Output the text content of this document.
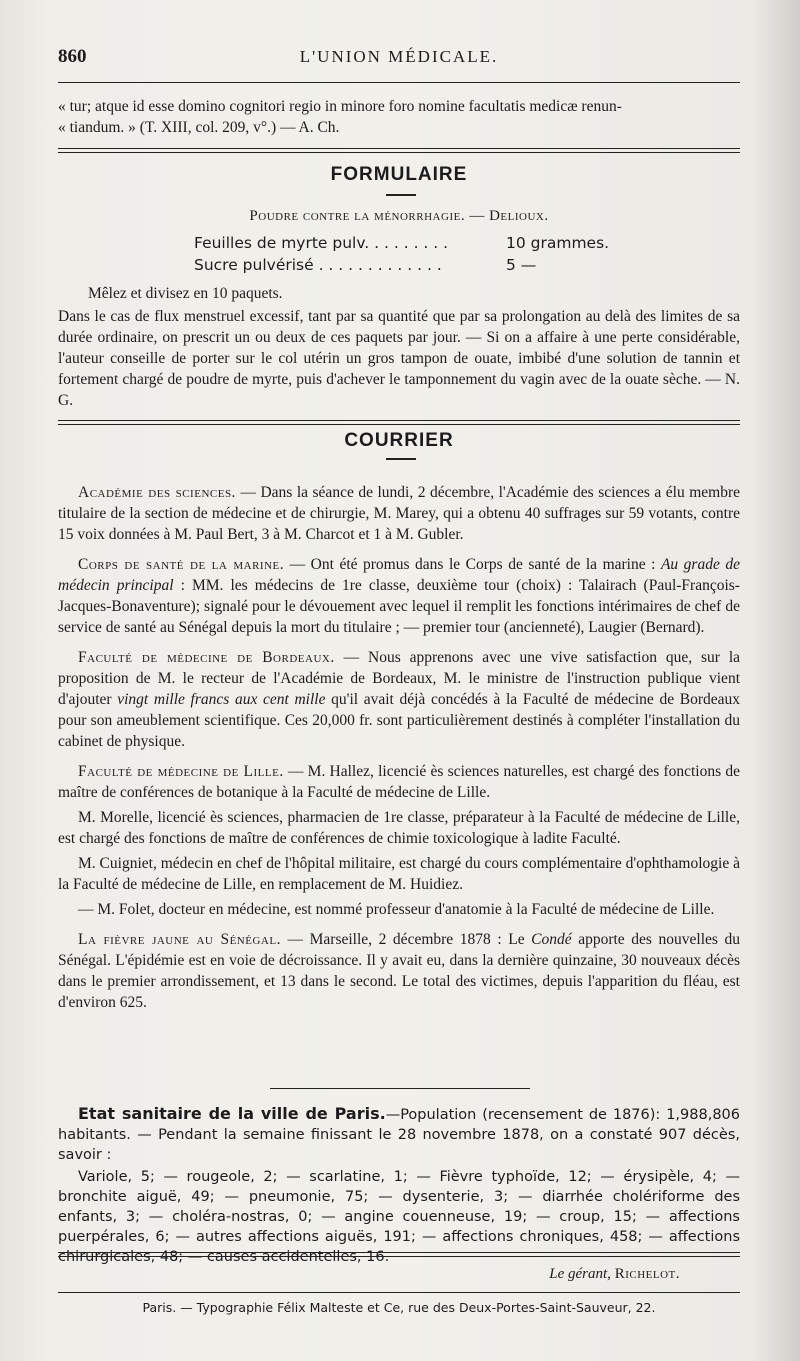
860	L'UNION MÉDICALE.

« tur; atque id esse domino cognitori regio in minore foro nomine facultatis medicæ renun-

« tiandum. » (T. XIII, col. 209, v°.) — A. Ch.

FORMULAIRE

Poudre contre la ménorrhagie. — Delioux.

Feuilles de myrte pulv. . . . . . . . .	10 grammes.
Sucre pulvérisé . . . . . . . . . . . . .	5 —

Mêlez et divisez en 10 paquets.

Dans le cas de flux menstruel excessif, tant par sa quantité que par sa prolongation au delà des limites de sa durée ordinaire, on prescrit un ou deux de ces paquets par jour. — Si on a affaire à une perte considérable, l'auteur conseille de porter sur le col utérin un gros tampon de ouate, imbibé d'une solution de tannin et fortement chargé de poudre de myrte, puis d'achever le tamponnement du vagin avec de la ouate sèche. — N. G.

COURRIER

Académie des sciences. — Dans la séance de lundi, 2 décembre, l'Académie des sciences a élu membre titulaire de la section de médecine et de chirurgie, M. Marey, qui a obtenu 40 suffrages sur 59 votants, contre 15 voix données à M. Paul Bert, 3 à M. Charcot et 1 à M. Gubler.

Corps de santé de la marine. — Ont été promus dans le Corps de santé de la marine : Au grade de médecin principal : MM. les médecins de 1re classe, deuxième tour (choix) : Talairach (Paul-François-Jacques-Bonaventure); signalé pour le dévouement avec lequel il remplit les fonctions intérimaires de chef de service de santé au Sénégal depuis la mort du titulaire ; — premier tour (ancienneté), Laugier (Bernard).

Faculté de médecine de Bordeaux. — Nous apprenons avec une vive satisfaction que, sur la proposition de M. le recteur de l'Académie de Bordeaux, M. le ministre de l'instruction publique vient d'ajouter vingt mille francs aux cent mille qu'il avait déjà concédés à la Faculté de médecine de Bordeaux pour son ameublement scientifique. Ces 20,000 fr. sont particulièrement destinés à compléter l'installation du cabinet de physique.

Faculté de médecine de Lille. — M. Hallez, licencié ès sciences naturelles, est chargé des fonctions de maître de conférences de botanique à la Faculté de médecine de Lille.

M. Morelle, licencié ès sciences, pharmacien de 1re classe, préparateur à la Faculté de médecine de Lille, est chargé des fonctions de maître de conférences de chimie toxicologique à ladite Faculté.

M. Cuigniet, médecin en chef de l'hôpital militaire, est chargé du cours complémentaire d'ophthamologie à la Faculté de médecine de Lille, en remplacement de M. Huidiez.

— M. Folet, docteur en médecine, est nommé professeur d'anatomie à la Faculté de médecine de Lille.

La fièvre jaune au Sénégal. — Marseille, 2 décembre 1878 : Le Condé apporte des nouvelles du Sénégal. L'épidémie est en voie de décroissance. Il y avait eu, dans la dernière quinzaine, 30 nouveaux décès dans le premier arrondissement, et 13 dans le second. Le total des victimes, depuis l'apparition du fléau, est d'environ 625.

Etat sanitaire de la ville de Paris.—Population (recensement de 1876): 1,988,806 habitants. — Pendant la semaine finissant le 28 novembre 1878, on a constaté 907 décès, savoir :

Variole, 5; — rougeole, 2; — scarlatine, 1; — Fièvre typhoïde, 12; — érysipèle, 4; — bronchite aiguë, 49; — pneumonie, 75; — dysenterie, 3; — diarrhée cholériforme des enfants, 3; — choléra-nostras, 0; — angine couenneuse, 19; — croup, 15; — affections puerpérales, 6; — autres affections aiguës, 191; — affections chroniques, 458; — affections chirurgicales, 48; — causes accidentelles, 16.

Le gérant, Richelot.
Paris. — Typographie Félix Malteste et Ce, rue des Deux-Portes-Saint-Sauveur, 22.
